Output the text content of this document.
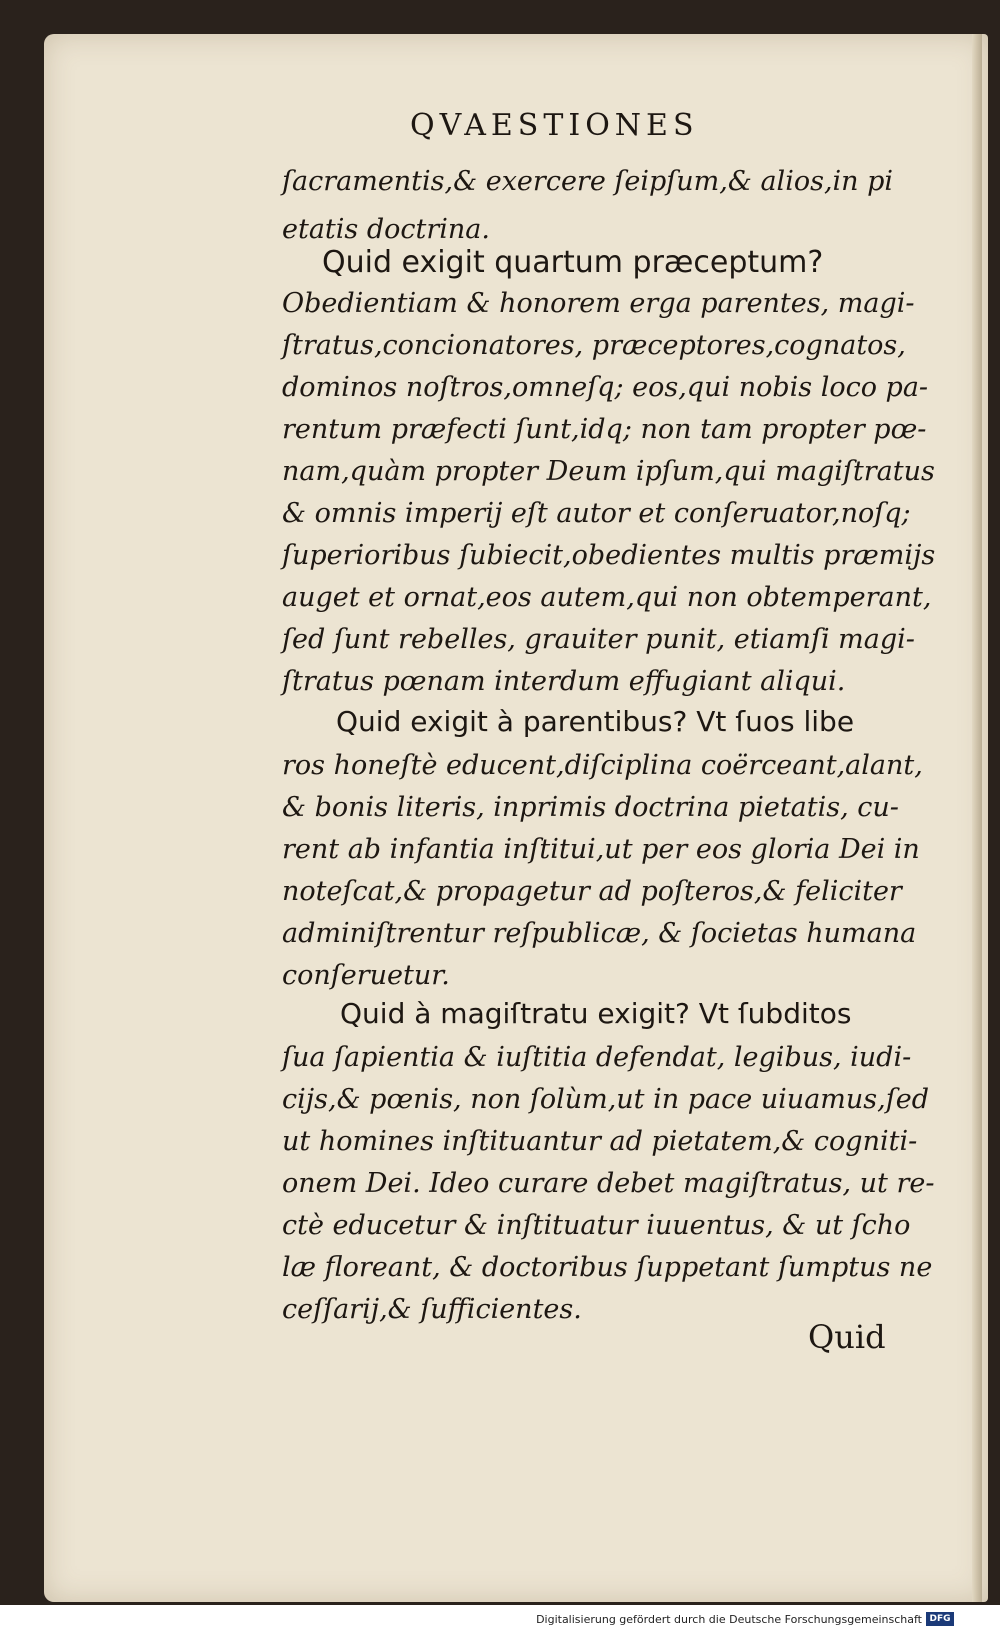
QVAESTIONES
ſacramentis,& exercere ſeipſum,& alios,in pi
etatis doctrina.
Quid exigit quartum præceptum?
Obedientiam & honorem erga parentes, magi-
ſtratus,concionatores, præceptores,cognatos,
dominos noſtros,omneſq; eos,qui nobis loco pa-
rentum præfecti ſunt,idq; non tam propter pœ-
nam,quàm propter Deum ipſum,qui magiſtratus
& omnis imperij eſt autor et conſeruator,noſq;
ſuperioribus ſubiecit,obedientes multis præmijs
auget et ornat,eos autem,qui non obtemperant,
ſed ſunt rebelles, grauiter punit, etiamſi magi-
ſtratus pœnam interdum effugiant aliqui.
Quid exigit à parentibus? Vt ſuos libe
ros honeſtè educent,diſciplina coërceant,alant,
& bonis literis, inprimis doctrina pietatis, cu-
rent ab infantia inſtitui,ut per eos gloria Dei in
noteſcat,& propagetur ad poſteros,& feliciter
adminiſtrentur reſpublicæ, & ſocietas humana
conſeruetur.
Quid à magiſtratu exigit? Vt ſubditos
ſua ſapientia & iuſtitia defendat, legibus, iudi-
cijs,& pœnis, non ſolùm,ut in pace uiuamus,ſed
ut homines inſtituantur ad pietatem,& cogniti-
onem Dei. Ideo curare debet magiſtratus, ut re-
ctè educetur & inſtituatur iuuentus, & ut ſcho
læ floreant, & doctoribus ſuppetant ſumptus ne
ceſſarij,& ſufficientes.
Quid
Digitalisierung gefördert durch die Deutsche Forschungsgemeinschaft DFG
